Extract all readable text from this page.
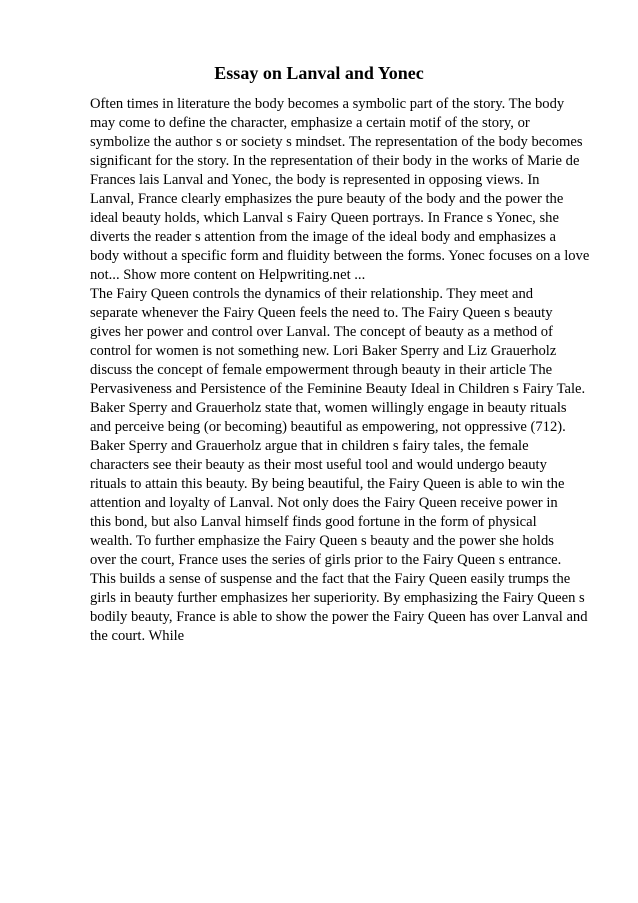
Essay on Lanval and Yonec
Often times in literature the body becomes a symbolic part of the story. The body
may come to define the character, emphasize a certain motif of the story, or
symbolize the author s or society s mindset. The representation of the body becomes
significant for the story. In the representation of their body in the works of Marie de
Frances lais Lanval and Yonec, the body is represented in opposing views. In
Lanval, France clearly emphasizes the pure beauty of the body and the power the
ideal beauty holds, which Lanval s Fairy Queen portrays. In France s Yonec, she
diverts the reader s attention from the image of the ideal body and emphasizes a
body without a specific form and fluidity between the forms. Yonec focuses on a love
not... Show more content on Helpwriting.net ...
The Fairy Queen controls the dynamics of their relationship. They meet and
separate whenever the Fairy Queen feels the need to. The Fairy Queen s beauty
gives her power and control over Lanval. The concept of beauty as a method of
control for women is not something new. Lori Baker Sperry and Liz Grauerholz
discuss the concept of female empowerment through beauty in their article The
Pervasiveness and Persistence of the Feminine Beauty Ideal in Children s Fairy Tale.
Baker Sperry and Grauerholz state that, women willingly engage in beauty rituals
and perceive being (or becoming) beautiful as empowering, not oppressive (712).
Baker Sperry and Grauerholz argue that in children s fairy tales, the female
characters see their beauty as their most useful tool and would undergo beauty
rituals to attain this beauty. By being beautiful, the Fairy Queen is able to win the
attention and loyalty of Lanval. Not only does the Fairy Queen receive power in
this bond, but also Lanval himself finds good fortune in the form of physical
wealth. To further emphasize the Fairy Queen s beauty and the power she holds
over the court, France uses the series of girls prior to the Fairy Queen s entrance.
This builds a sense of suspense and the fact that the Fairy Queen easily trumps the
girls in beauty further emphasizes her superiority. By emphasizing the Fairy Queen s
bodily beauty, France is able to show the power the Fairy Queen has over Lanval and
the court. While
